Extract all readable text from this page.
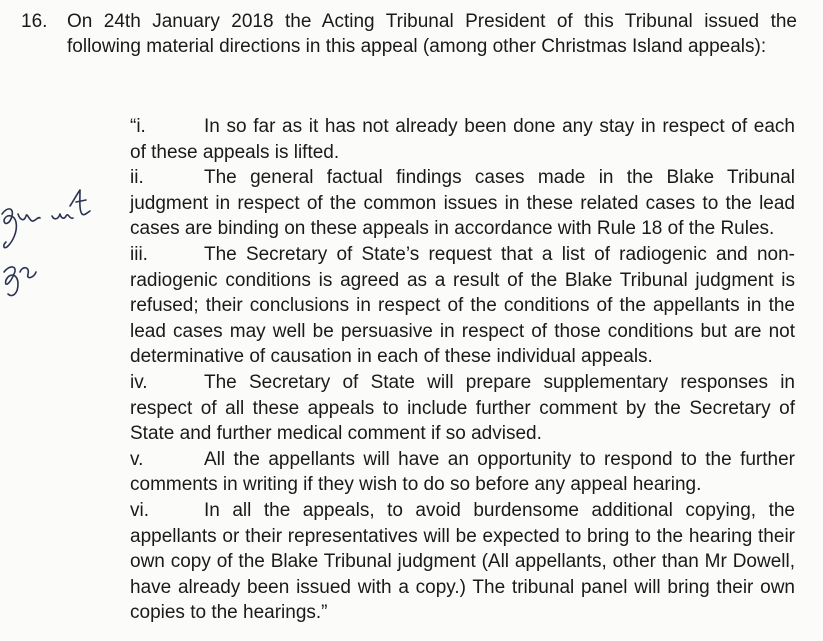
16. On 24th January 2018 the Acting Tribunal President of this Tribunal issued the following material directions in this appeal (among other Christmas Island appeals):

“i.	In so far as it has not already been done any stay in respect of each of these appeals is lifted.

ii.	The general factual findings cases made in the Blake Tribunal judgment in respect of the common issues in these related cases to the lead cases are binding on these appeals in accordance with Rule 18 of the Rules.

iii.	The Secretary of State’s request that a list of radiogenic and non-radiogenic conditions is agreed as a result of the Blake Tribunal judgment is refused; their conclusions in respect of the conditions of the appellants in the lead cases may well be persuasive in respect of those conditions but are not determinative of causation in each of these individual appeals.

iv.	The Secretary of State will prepare supplementary responses in respect of all these appeals to include further comment by the Secretary of State and further medical comment if so advised.

v.	All the appellants will have an opportunity to respond to the further comments in writing if they wish to do so before any appeal hearing.

vi.	In all the appeals, to avoid burdensome additional copying, the appellants or their representatives will be expected to bring to the hearing their own copy of the Blake Tribunal judgment (All appellants, other than Mr Dowell, have already been issued with a copy.) The tribunal panel will bring their own copies to the hearings.”
